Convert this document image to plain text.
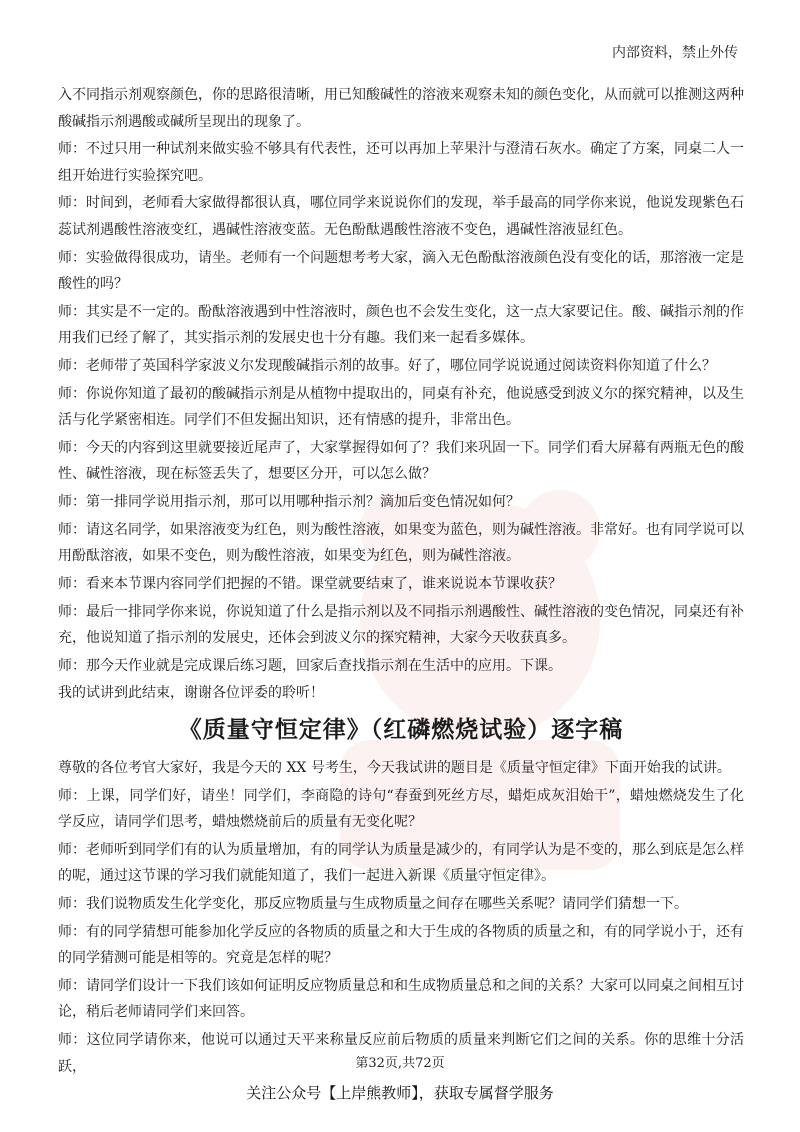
内部资料，禁止外传

入不同指示剂观察颜色，你的思路很清晰，用已知酸碱性的溶液来观察未知的颜色变化，从而就可以推测这两种酸碱指示剂遇酸或碱所呈现出的现象了。

师：不过只用一种试剂来做实验不够具有代表性，还可以再加上苹果汁与澄清石灰水。确定了方案，同桌二人一组开始进行实验探究吧。

师：时间到，老师看大家做得都很认真，哪位同学来说说你们的发现，举手最高的同学你来说，他说发现紫色石蕊试剂遇酸性溶液变红，遇碱性溶液变蓝。无色酚酞遇酸性溶液不变色，遇碱性溶液显红色。

师：实验做得很成功，请坐。老师有一个问题想考考大家，滴入无色酚酞溶液颜色没有变化的话，那溶液一定是酸性的吗？

师：其实是不一定的。酚酞溶液遇到中性溶液时，颜色也不会发生变化，这一点大家要记住。酸、碱指示剂的作用我们已经了解了，其实指示剂的发展史也十分有趣。我们来一起看多媒体。

师：老师带了英国科学家波义尔发现酸碱指示剂的故事。好了，哪位同学说说通过阅读资料你知道了什么？

师：你说你知道了最初的酸碱指示剂是从植物中提取出的，同桌有补充，他说感受到波义尔的探究精神，以及生活与化学紧密相连。同学们不但发掘出知识，还有情感的提升，非常出色。

师：今天的内容到这里就要接近尾声了，大家掌握得如何了？我们来巩固一下。同学们看大屏幕有两瓶无色的酸性、碱性溶液，现在标签丢失了，想要区分开，可以怎么做？

师：第一排同学说用指示剂，那可以用哪种指示剂？滴加后变色情况如何？

师：请这名同学，如果溶液变为红色，则为酸性溶液，如果变为蓝色，则为碱性溶液。非常好。也有同学说可以用酚酞溶液，如果不变色，则为酸性溶液，如果变为红色，则为碱性溶液。

师：看来本节课内容同学们把握的不错。课堂就要结束了，谁来说说本节课收获？

师：最后一排同学你来说，你说知道了什么是指示剂以及不同指示剂遇酸性、碱性溶液的变色情况，同桌还有补充，他说知道了指示剂的发展史，还体会到波义尔的探究精神，大家今天收获真多。

师：那今天作业就是完成课后练习题，回家后查找指示剂在生活中的应用。下课。

我的试讲到此结束，谢谢各位评委的聆听！

《质量守恒定律》（红磷燃烧试验）逐字稿

尊敬的各位考官大家好，我是今天的 XX 号考生，今天我试讲的题目是《质量守恒定律》下面开始我的试讲。

师：上课，同学们好，请坐！同学们，李商隐的诗句“春蚕到死丝方尽，蜡炬成灰泪始干”，蜡烛燃烧发生了化学反应，请同学们思考，蜡烛燃烧前后的质量有无变化呢？

师：老师听到同学们有的认为质量增加，有的同学认为质量是减少的，有同学认为是不变的，那么到底是怎么样的呢，通过这节课的学习我们就能知道了，我们一起进入新课《质量守恒定律》。

师：我们说物质发生化学变化，那反应物质量与生成物质量之间存在哪些关系呢？请同学们猜想一下。

师：有的同学猜想可能参加化学反应的各物质的质量之和大于生成的各物质的质量之和，有的同学说小于，还有的同学猜测可能是相等的。究竟是怎样的呢？

师：请同学们设计一下我们该如何证明反应物质量总和和生成物质量总和之间的关系？大家可以同桌之间相互讨论，稍后老师请同学们来回答。

师：这位同学请你来，他说可以通过天平来称量反应前后物质的质量来判断它们之间的关系。你的思维十分活跃，	第32页,共72页
关注公众号【上岸熊教师】，获取专属督学服务
